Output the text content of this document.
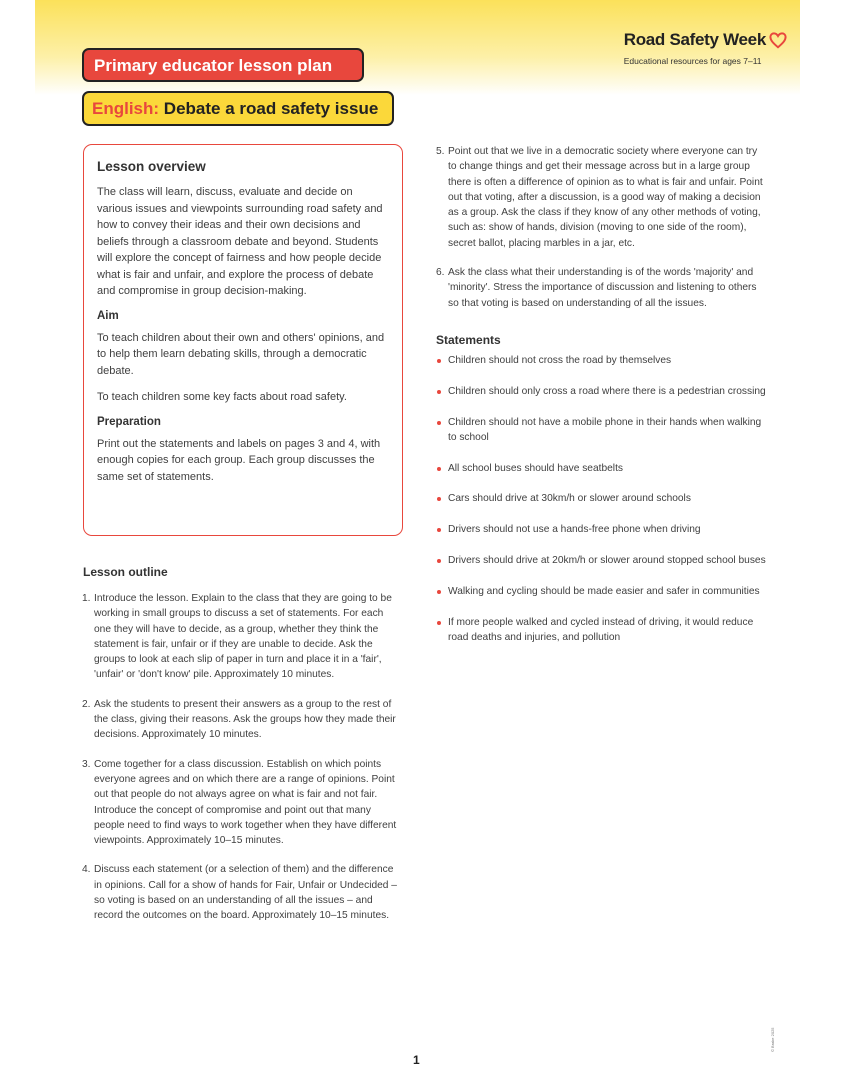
Road Safety Week
Educational resources for ages 7–11
Primary educator lesson plan
English: Debate a road safety issue
Lesson overview

The class will learn, discuss, evaluate and decide on various issues and viewpoints surrounding road safety and how to convey their ideas and their own decisions and beliefs through a classroom debate and beyond. Students will explore the concept of fairness and how people decide what is fair and unfair, and explore the process of debate and compromise in group decision-making.

Aim

To teach children about their own and others' opinions, and to help them learn debating skills, through a democratic debate.

To teach children some key facts about road safety.

Preparation

Print out the statements and labels on pages 3 and 4, with enough copies for each group. Each group discusses the same set of statements.

Lesson outline
1. Introduce the lesson. Explain to the class that they are going to be working in small groups to discuss a set of statements. For each one they will have to decide, as a group, whether they think the statement is fair, unfair or if they are unable to decide. Ask the groups to look at each slip of paper in turn and place it in a 'fair', 'unfair' or 'don't know' pile. Approximately 10 minutes.
2. Ask the students to present their answers as a group to the rest of the class, giving their reasons. Ask the groups how they made their decisions. Approximately 10 minutes.
3. Come together for a class discussion. Establish on which points everyone agrees and on which there are a range of opinions. Point out that people do not always agree on what is fair and not fair. Introduce the concept of compromise and point out that many people need to find ways to work together when they have different viewpoints. Approximately 10–15 minutes.
4. Discuss each statement (or a selection of them) and the difference in opinions. Call for a show of hands for Fair, Unfair or Undecided – so voting is based on an understanding of all the issues – and record the outcomes on the board. Approximately 10–15 minutes.
5. Point out that we live in a democratic society where everyone can try to change things and get their message across but in a large group there is often a difference of opinion as to what is fair and unfair. Point out that voting, after a discussion, is a good way of making a decision as a group. Ask the class if they know of any other methods of voting, such as: show of hands, division (moving to one side of the room), secret ballot, placing marbles in a jar, etc.
6. Ask the class what their understanding is of the words 'majority' and 'minority'. Stress the importance of discussion and listening to others so that voting is based on understanding of all the issues.
Statements
Children should not cross the road by themselves
Children should only cross a road where there is a pedestrian crossing
Children should not have a mobile phone in their hands when walking to school
All school buses should have seatbelts
Cars should drive at 30km/h or slower around schools
Drivers should not use a hands-free phone when driving
Drivers should drive at 20km/h or slower around stopped school buses
Walking and cycling should be made easier and safer in communities
If more people walked and cycled instead of driving, it would reduce road deaths and injuries, and pollution
1
© Brake 2025
